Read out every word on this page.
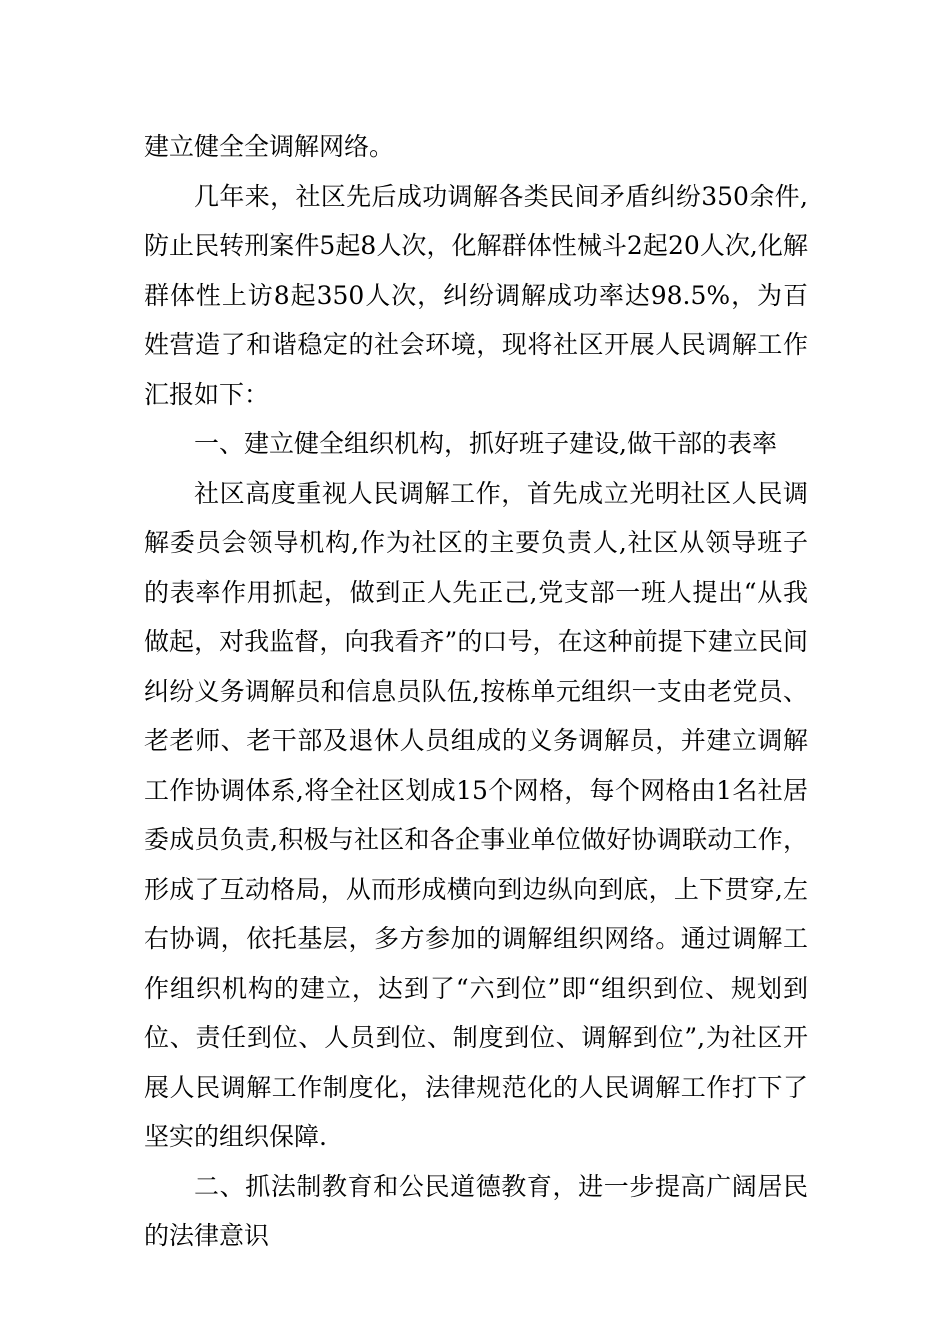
建立健全全调解网络。

几年来，社区先后成功调解各类民间矛盾纠纷350余件,防止民转刑案件5起8人次，化解群体性械斗2起20人次,化解群体性上访8起350人次，纠纷调解成功率达98.5%，为百姓营造了和谐稳定的社会环境，现将社区开展人民调解工作汇报如下：

一、建立健全组织机构，抓好班子建设,做干部的表率

社区高度重视人民调解工作，首先成立光明社区人民调解委员会领导机构,作为社区的主要负责人,社区从领导班子的表率作用抓起，做到正人先正己,党支部一班人提出“从我做起，对我监督，向我看齐”的口号，在这种前提下建立民间纠纷义务调解员和信息员队伍,按栋单元组织一支由老党员、老老师、老干部及退休人员组成的义务调解员，并建立调解工作协调体系,将全社区划成15个网格，每个网格由1名社居委成员负责,积极与社区和各企事业单位做好协调联动工作，形成了互动格局，从而形成横向到边纵向到底，上下贯穿,左右协调，依托基层，多方参加的调解组织网络。通过调解工作组织机构的建立，达到了“六到位”即“组织到位、规划到位、责任到位、人员到位、制度到位、调解到位”,为社区开展人民调解工作制度化，法律规范化的人民调解工作打下了坚实的组织保障.

二、抓法制教育和公民道德教育，进一步提高广阔居民的法律意识
